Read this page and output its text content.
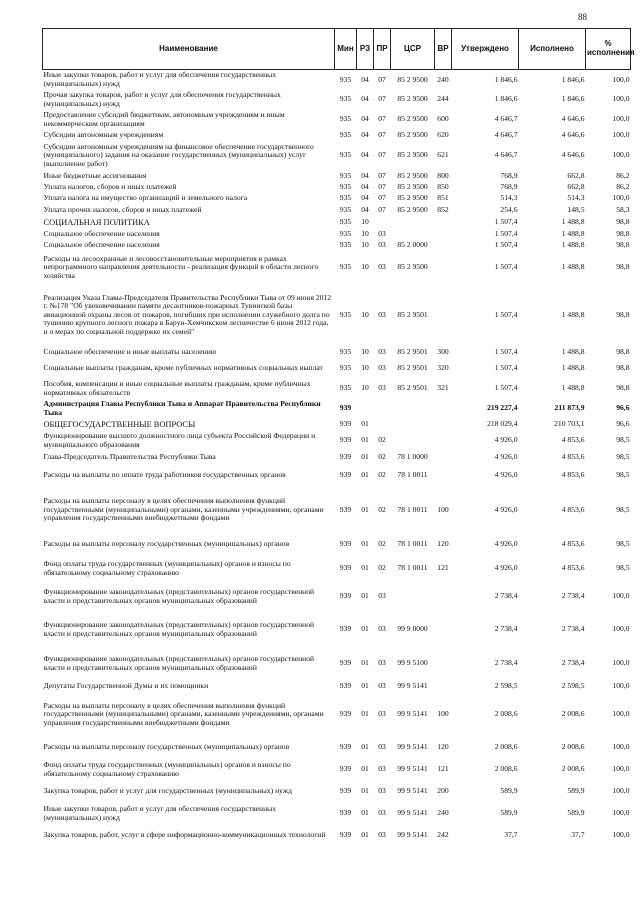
88
Наименование	Мин	РЗ	ПР	ЦСР	ВР	Утверждено	Исполнено	% исполнения
Иные закупки товаров, работ и услуг для обеспечения государственных (муниципальных) нужд	935	04	07	85 2 9500	240	1 846,6	1 846,6	100,0
Прочая закупка товаров, работ и услуг для обеспечения государственных (муниципальных) нужд	935	04	07	85 2 9500	244	1 846,6	1 846,6	100,0
Предоставление субсидий бюджетным, автономным учреждениям и иным некоммерческим организациям	935	04	07	85 2 9500	600	4 646,7	4 646,6	100,0
Субсидии автономным учреждениям	935	04	07	85 2 9500	620	4 646,7	4 646,6	100,0
Субсидии автономным учреждениям на финансовое обеспечение государственного (муниципального) задания на оказание государственных (муниципальных) услуг (выполнение работ)	935	04	07	85 2 9500	621	4 646,7	4 646,6	100,0
Иные бюджетные ассигнования	935	04	07	85 2 9500	800	768,9	662,8	86,2
Уплата налогов, сборов и иных платежей	935	04	07	85 2 9500	850	768,9	662,8	86,2
Уплата налога на имущество организаций и земельного налога	935	04	07	85 2 9500	851	514,3	514,3	100,0
Уплата прочих налогов, сборов и иных платежей	935	04	07	85 2 9500	852	254,6	148,5	58,3
СОЦИАЛЬНАЯ ПОЛИТИКА	935	10				1 507,4	1 488,8	98,8
Социальное обеспечение населения	935	10	03			1 507,4	1 488,8	98,8
Социальное обеспечение населения	935	10	03	85 2 0000		1 507,4	1 488,8	98,8
Расходы на лесоохранные и лесовосстановительные мероприятия в рамках непрограммного направления деятельности - реализация функций в области лесного хозяйства	935	10	03	85 2 9500		1 507,4	1 488,8	98,8
Реализация Указа Главы-Председателя Правительства Республики Тыва от 09 июня 2012 г. №178 "Об увековечивании памяти десантников-пожарных Тувинской базы авиационной охраны лесов от пожаров, погибших при исполнении служебного долга по тушению крупного лесного пожара в Барун-Хемчикском лесничестве 6 июня 2012 года, и о мерах по социальной поддержке их семей"	935	10	03	85 2 9501		1 507,4	1 488,8	98,8
Социальное обеспечение и иные выплаты населению	935	10	03	85 2 9501	300	1 507,4	1 488,8	98,8
Социальные выплаты гражданам, кроме публичных нормативных социальных выплат	935	10	03	85 2 9501	320	1 507,4	1 488,8	98,8
Пособия, компенсации и иные социальные выплаты гражданам, кроме публичных нормативных обязательств	935	10	03	85 2 9501	321	1 507,4	1 488,8	98,8
Администрация Главы Республики Тыва и Аппарат Правительства Республики Тыва	939					219 227,4	211 873,9	96,6
ОБЩЕГОСУДАРСТВЕННЫЕ ВОПРОСЫ	939	01				218 029,4	210 703,1	96,6
Функционирование высшего должностного лица субъекта Российской Федерации и муниципального образования	939	01	02			4 926,0	4 853,6	98,5
Глава-Председатель Правительства Республики Тыва	939	01	02	78 1 0000		4 926,0	4 853,6	98,5
Расходы на выплаты по оплате труда работников государственных органов	939	01	02	78 1 0011		4 926,0	4 853,6	98,5
Расходы на выплаты персоналу в целях обеспечения выполнения функций государственными (муниципальными) органами, казенными учреждениями, органами управления государственными внебюджетными фондами	939	01	02	78 1 0011	100	4 926,0	4 853,6	98,5
Расходы на выплаты персоналу государственных (муниципальных) органов	939	01	02	78 1 0011	120	4 926,0	4 853,6	98,5
Фонд оплаты труда государственных (муниципальных) органов и взносы по обязательному социальному страхованию	939	01	02	78 1 0011	121	4 926,0	4 853,6	98,5
Функционирование законодательных (представительных) органов государственной власти и представительных органов муниципальных образований	939	01	03			2 738,4	2 738,4	100,0
Функционирование законодательных (представительных) органов государственной власти и представительных органов муниципальных образований	939	01	03	99 9 0000		2 738,4	2 738,4	100,0
Функционирование законодательных (представительных) органов государственной власти и представительных органов муниципальных образований	939	01	03	99 9 5100		2 738,4	2 738,4	100,0
Депутаты Государственной Думы и их помощники	939	01	03	99 9 5141		2 598,5	2 598,5	100,0
Расходы на выплаты персоналу в целях обеспечения выполнения функций государственными (муниципальными) органами, казенными учреждениями, органами управления государственными внебюджетными фондами	939	01	03	99 9 5141	100	2 008,6	2 008,6	100,0
Расходы на выплаты персоналу государственных (муниципальных) органов	939	01	03	99 9 5141	120	2 008,6	2 008,6	100,0
Фонд оплаты труда государственных (муниципальных) органов и взносы по обязательному социальному страхованию	939	01	03	99 9 5141	121	2 008,6	2 008,6	100,0
Закупка товаров, работ и услуг для государственных (муниципальных) нужд	939	01	03	99 9 5141	200	589,9	589,9	100,0
Иные закупки товаров, работ и услуг для обеспечения государственных (муниципальных) нужд	939	01	03	99 9 5141	240	589,9	589,9	100,0
Закупка товаров, работ, услуг в сфере информационно-коммуникационных технологий	939	01	03	99 9 5141	242	37,7	37,7	100,0
